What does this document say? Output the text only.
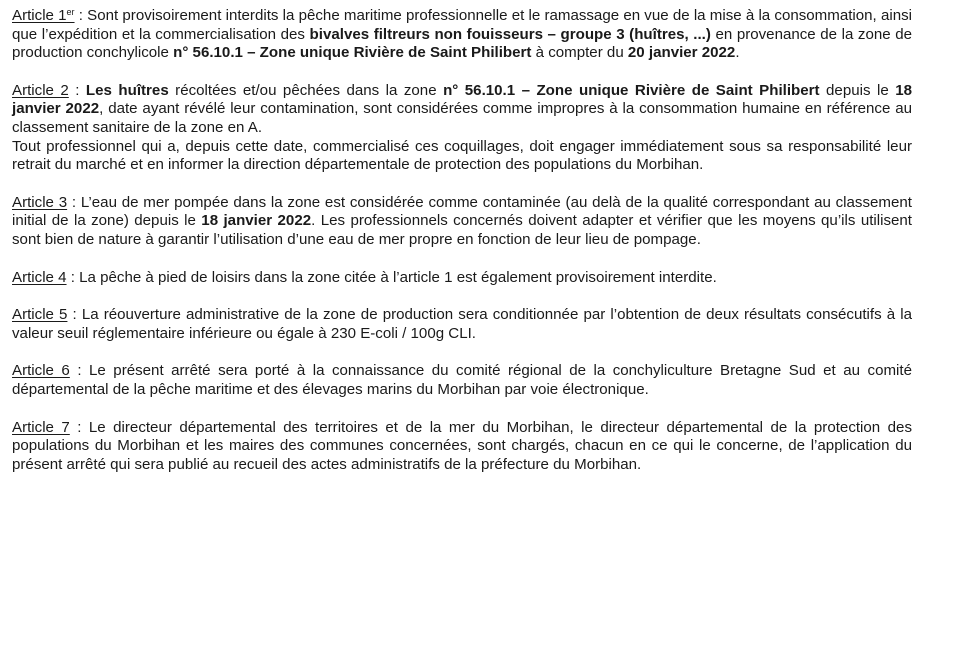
Article 1er : Sont provisoirement interdits la pêche maritime professionnelle et le ramassage en vue de la mise à la consommation, ainsi que l’expédition et la commercialisation des bivalves filtreurs non fouisseurs – groupe 3 (huîtres, ...) en provenance de la zone de production conchylicole n° 56.10.1 – Zone unique Rivière de Saint Philibert à compter du 20 janvier 2022.

Article 2 : Les huîtres récoltées et/ou pêchées dans la zone n° 56.10.1 – Zone unique Rivière de Saint Philibert depuis le 18 janvier 2022, date ayant révélé leur contamination, sont considérées comme impropres à la consommation humaine en référence au classement sanitaire de la zone en A.

Tout professionnel qui a, depuis cette date, commercialisé ces coquillages, doit engager immédiatement sous sa responsabilité leur retrait du marché et en informer la direction départementale de protection des populations du Morbihan.

Article 3 : L’eau de mer pompée dans la zone est considérée comme contaminée (au delà de la qualité correspondant au classement initial de la zone) depuis le 18 janvier 2022. Les professionnels concernés doivent adapter et vérifier que les moyens qu’ils utilisent sont bien de nature à garantir l’utilisation d’une eau de mer propre en fonction de leur lieu de pompage.

Article 4 : La pêche à pied de loisirs dans la zone citée à l’article 1 est également provisoirement interdite.

Article 5 : La réouverture administrative de la zone de production sera conditionnée par l’obtention de deux résultats consécutifs à la valeur seuil réglementaire inférieure ou égale à 230 E-coli / 100g CLI.

Article 6 : Le présent arrêté sera porté à la connaissance du comité régional de la conchyliculture Bretagne Sud et au comité départemental de la pêche maritime et des élevages marins du Morbihan par voie électronique.

Article 7 : Le directeur départemental des territoires et de la mer du Morbihan, le directeur départemental de la protection des populations du Morbihan et les maires des communes concernées, sont chargés, chacun en ce qui le concerne, de l’application du présent arrêté qui sera publié au recueil des actes administratifs de la préfecture du Morbihan.
